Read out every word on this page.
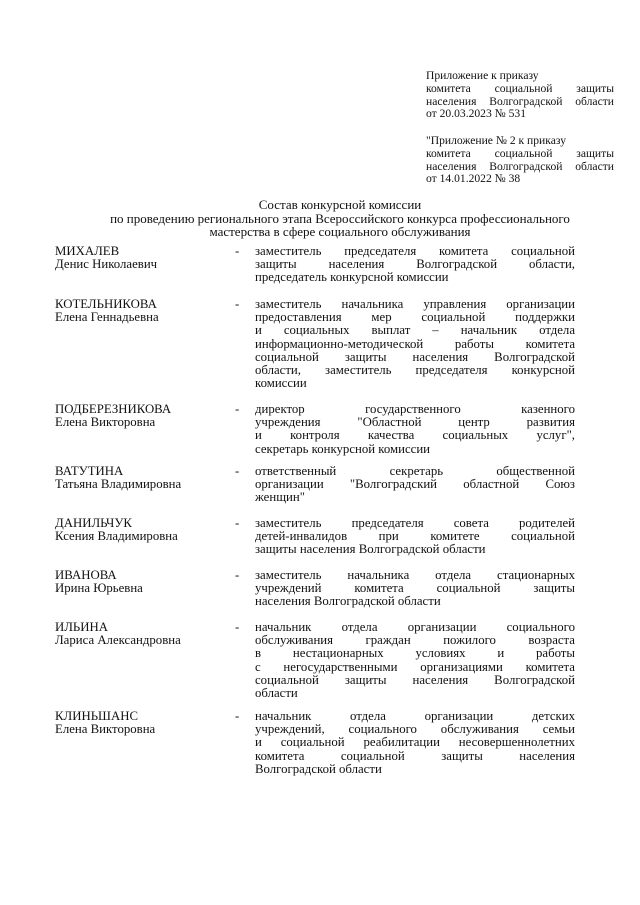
Приложение к приказу
комитета социальной защиты
населения Волгоградской области
от 20.03.2023 № 531
"Приложение № 2 к приказу
комитета социальной защиты
населения Волгоградской области
от 14.01.2022 № 38
Состав конкурсной комиссии
по проведению регионального этапа Всероссийского конкурса профессионального
мастерства в сфере социального обслуживания
МИХАЛЕВ
Денис Николаевич
- заместитель председателя комитета социальной
защиты населения Волгоградской области,
председатель конкурсной комиссии
КОТЕЛЬНИКОВА
Елена Геннадьевна
- заместитель начальника управления организации
предоставления мер социальной поддержки
и социальных выплат – начальник отдела
информационно-методической работы комитета
социальной защиты населения Волгоградской
области, заместитель председателя конкурсной
комиссии
ПОДБЕРЕЗНИКОВА
Елена Викторовна
- директор государственного казенного
учреждения "Областной центр развития
и контроля качества социальных услуг",
секретарь конкурсной комиссии
ВАТУТИНА
Татьяна Владимировна
- ответственный секретарь общественной
организации "Волгоградский областной Союз
женщин"
ДАНИЛЬЧУК
Ксения Владимировна
- заместитель председателя совета родителей
детей-инвалидов при комитете социальной
защиты населения Волгоградской области
ИВАНОВА
Ирина Юрьевна
- заместитель начальника отдела стационарных
учреждений комитета социальной защиты
населения Волгоградской области
ИЛЬИНА
Лариса Александровна
- начальник отдела организации социального
обслуживания граждан пожилого возраста
в нестационарных условиях и работы
с негосударственными организациями комитета
социальной защиты населения Волгоградской
области
КЛИНЬШАНС
Елена Викторовна
- начальник отдела организации детских
учреждений, социального обслуживания семьи
и социальной реабилитации несовершеннолетних
комитета социальной защиты населения
Волгоградской области
